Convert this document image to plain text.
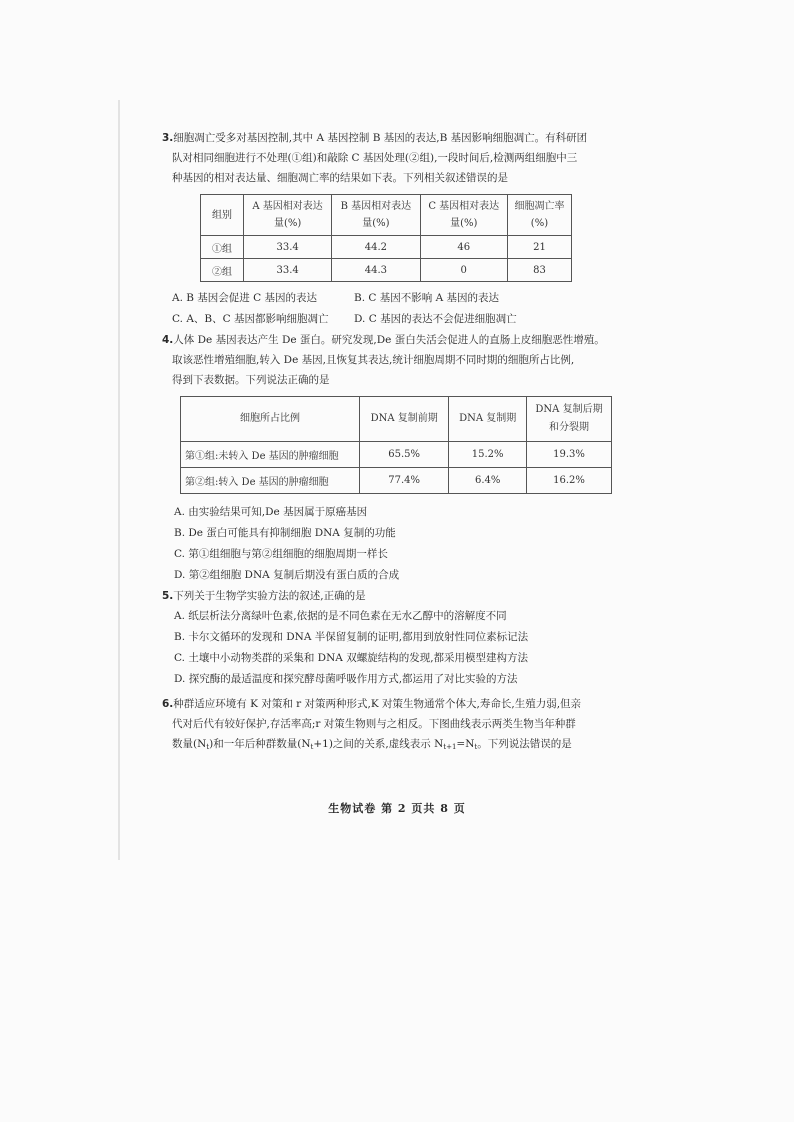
3.细胞凋亡受多对基因控制,其中 A 基因控制 B 基因的表达,B 基因影响细胞凋亡。有科研团

队对相同细胞进行不处理(①组)和敲除 C 基因处理(②组),一段时间后,检测两组细胞中三

种基因的相对表达量、细胞凋亡率的结果如下表。下列相关叙述错误的是

组别	A 基因相对表达量(%)	B 基因相对表达量(%)	C 基因相对表达量(%)	细胞凋亡率(%)
①组	33.4	44.2	46	21
②组	33.4	44.3	0	83
A. B 基因会促进 C 基因的表达	B. C 基因不影响 A 基因的表达
C. A、B、C 基因都影响细胞凋亡	D. C 基因的表达不会促进细胞凋亡

4.人体 De 基因表达产生 De 蛋白。研究发现,De 蛋白失活会促进人的直肠上皮细胞恶性增殖。

取该恶性增殖细胞,转入 De 基因,且恢复其表达,统计细胞周期不同时期的细胞所占比例,

得到下表数据。下列说法正确的是

细胞所占比例	DNA 复制前期	DNA 复制期	DNA 复制后期和分裂期
第①组:未转入 De 基因的肿瘤细胞	65.5%	15.2%	19.3%
第②组:转入 De 基因的肿瘤细胞	77.4%	6.4%	16.2%

A. 由实验结果可知,De 基因属于原癌基因

B. De 蛋白可能具有抑制细胞 DNA 复制的功能

C. 第①组细胞与第②组细胞的细胞周期一样长

D. 第②组细胞 DNA 复制后期没有蛋白质的合成

5.下列关于生物学实验方法的叙述,正确的是

A. 纸层析法分离绿叶色素,依据的是不同色素在无水乙醇中的溶解度不同

B. 卡尔文循环的发现和 DNA 半保留复制的证明,都用到放射性同位素标记法

C. 土壤中小动物类群的采集和 DNA 双螺旋结构的发现,都采用模型建构方法

D. 探究酶的最适温度和探究酵母菌呼吸作用方式,都运用了对比实验的方法

6.种群适应环境有 K 对策和 r 对策两种形式,K 对策生物通常个体大,寿命长,生殖力弱,但亲

代对后代有较好保护,存活率高;r 对策生物则与之相反。下图曲线表示两类生物当年种群

数量$(N_t)$和一年后种群数量$(N_t+1)$之间的关系,虚线表示 $N_{t+1}=N_t$。下列说法错误的是

生物试卷 第 2 页共 8 页
